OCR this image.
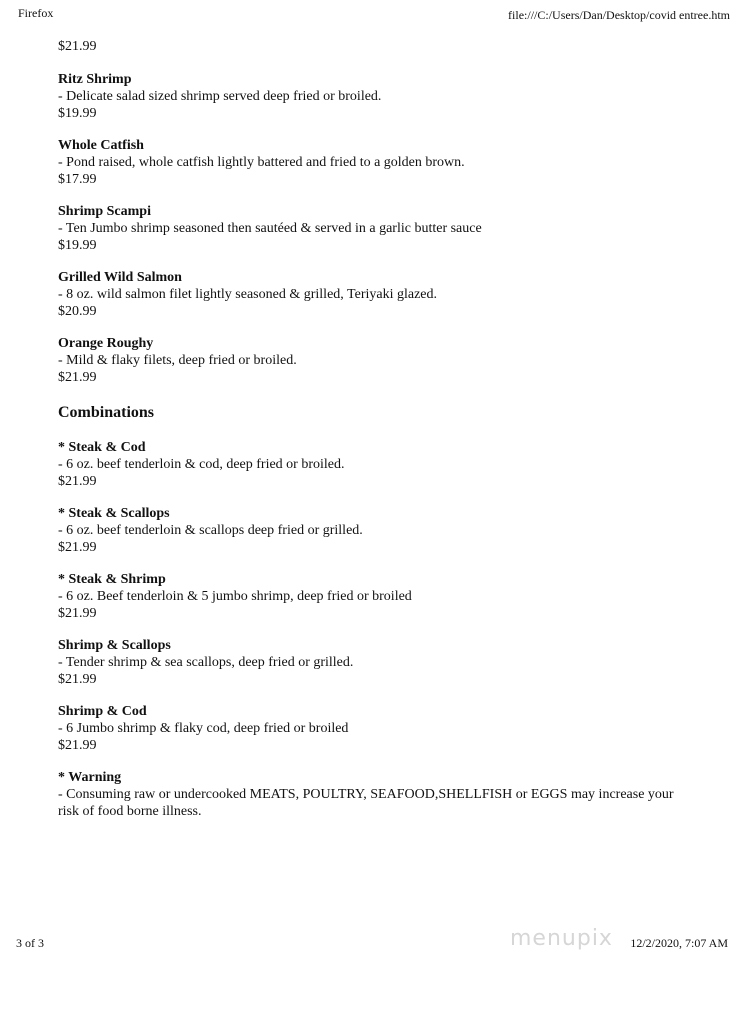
Firefox	file:///C:/Users/Dan/Desktop/covid entree.htm
$21.99
Ritz Shrimp
- Delicate salad sized shrimp served deep fried or broiled.
$19.99
Whole Catfish
- Pond raised, whole catfish lightly battered and fried to a golden brown.
$17.99
Shrimp Scampi
- Ten Jumbo shrimp seasoned then sautéed & served in a garlic butter sauce
$19.99
Grilled Wild Salmon
- 8 oz. wild salmon filet lightly seasoned & grilled, Teriyaki glazed.
$20.99
Orange Roughy
- Mild & flaky filets, deep fried or broiled.
$21.99
Combinations
* Steak & Cod
- 6 oz. beef tenderloin & cod, deep fried or broiled.
$21.99
* Steak & Scallops
- 6 oz. beef tenderloin & scallops deep fried or grilled.
$21.99
* Steak & Shrimp
- 6 oz. Beef tenderloin & 5 jumbo shrimp, deep fried or broiled
$21.99
Shrimp & Scallops
- Tender shrimp & sea scallops, deep fried or grilled.
$21.99
Shrimp & Cod
- 6 Jumbo shrimp & flaky cod, deep fried or broiled
$21.99
* Warning
- Consuming raw or undercooked MEATS, POULTRY, SEAFOOD,SHELLFISH or EGGS may increase your
risk of food borne illness.
3 of 3	menupix 12/2/2020, 7:07 AM
